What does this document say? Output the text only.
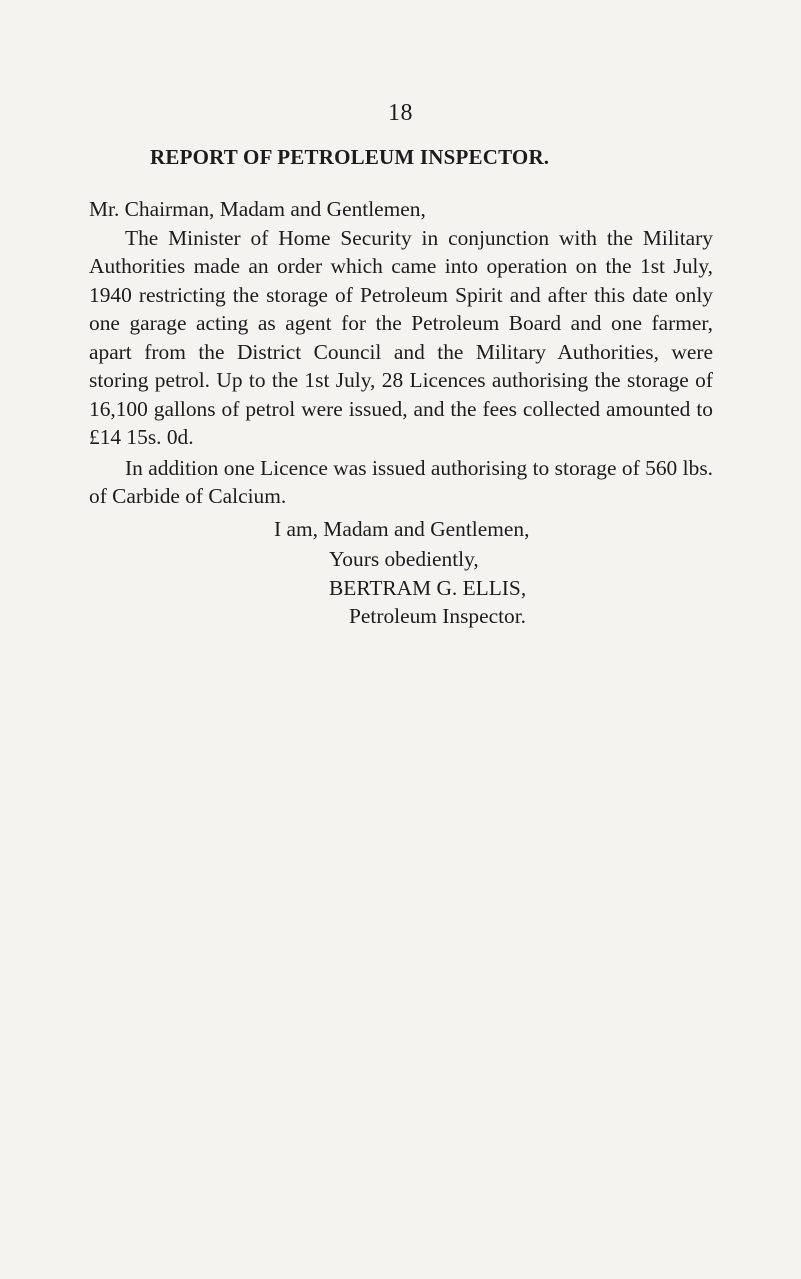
18
REPORT OF PETROLEUM INSPECTOR.

Mr. Chairman, Madam and Gentlemen,

The Minister of Home Security in conjunction with the Military Authorities made an order which came into operation on the 1st July, 1940 restricting the storage of Petroleum Spirit and after this date only one garage acting as agent for the Petroleum Board and one farmer, apart from the District Council and the Military Authorities, were storing petrol. Up to the 1st July, 28 Licences authorising the storage of 16,100 gallons of petrol were issued, and the fees collected amounted to £14 15s. 0d.

In addition one Licence was issued authorising to storage of 560 lbs. of Carbide of Calcium.

I am, Madam and Gentlemen,

Yours obediently,

BERTRAM G. ELLIS,

Petroleum Inspector.
